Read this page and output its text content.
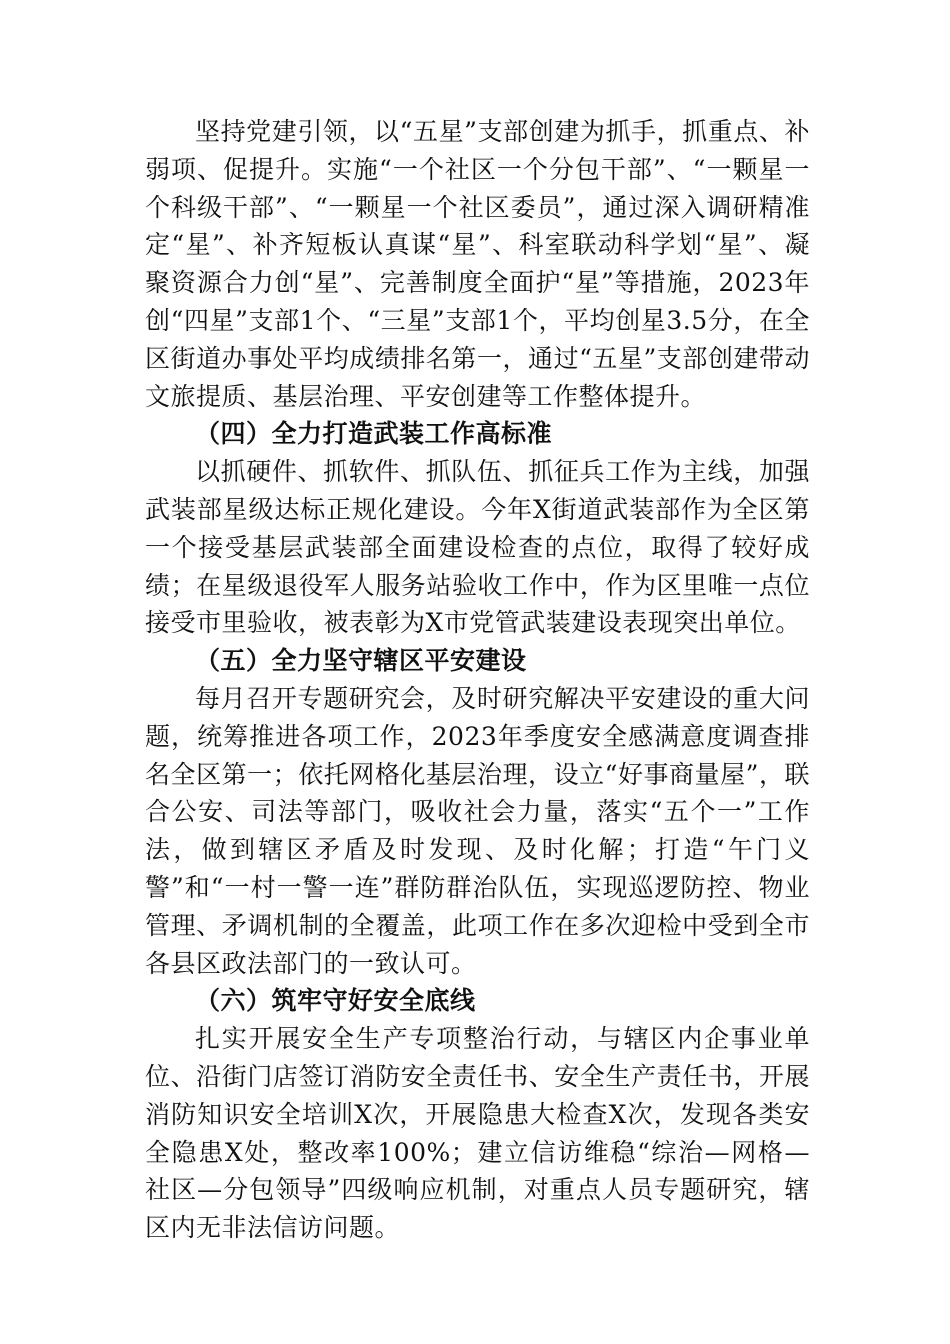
坚持党建引领，以“五星”支部创建为抓手，抓重点、补弱项、促提升。实施“一个社区一个分包干部”、“一颗星一个科级干部”、“一颗星一个社区委员”，通过深入调研精准定“星”、补齐短板认真谋“星”、科室联动科学划“星”、凝聚资源合力创“星”、完善制度全面护“星”等措施，2023年创“四星”支部1个、“三星”支部1个，平均创星3.5分，在全区街道办事处平均成绩排名第一，通过“五星”支部创建带动文旅提质、基层治理、平安创建等工作整体提升。

（四）全力打造武装工作高标准

以抓硬件、抓软件、抓队伍、抓征兵工作为主线，加强武装部星级达标正规化建设。今年X街道武装部作为全区第一个接受基层武装部全面建设检查的点位，取得了较好成绩；在星级退役军人服务站验收工作中，作为区里唯一点位接受市里验收，被表彰为X市党管武装建设表现突出单位。

（五）全力坚守辖区平安建设

每月召开专题研究会，及时研究解决平安建设的重大问题，统筹推进各项工作，2023年季度安全感满意度调查排名全区第一；依托网格化基层治理，设立“好事商量屋”，联合公安、司法等部门，吸收社会力量，落实“五个一”工作法，做到辖区矛盾及时发现、及时化解；打造“午门义警”和“一村一警一连”群防群治队伍，实现巡逻防控、物业管理、矛调机制的全覆盖，此项工作在多次迎检中受到全市各县区政法部门的一致认可。

（六）筑牢守好安全底线

扎实开展安全生产专项整治行动，与辖区内企事业单位、沿街门店签订消防安全责任书、安全生产责任书，开展消防知识安全培训X次，开展隐患大检查X次，发现各类安全隐患X处，整改率100%；建立信访维稳“综治—网格—社区—分包领导”四级响应机制，对重点人员专题研究，辖区内无非法信访问题。
